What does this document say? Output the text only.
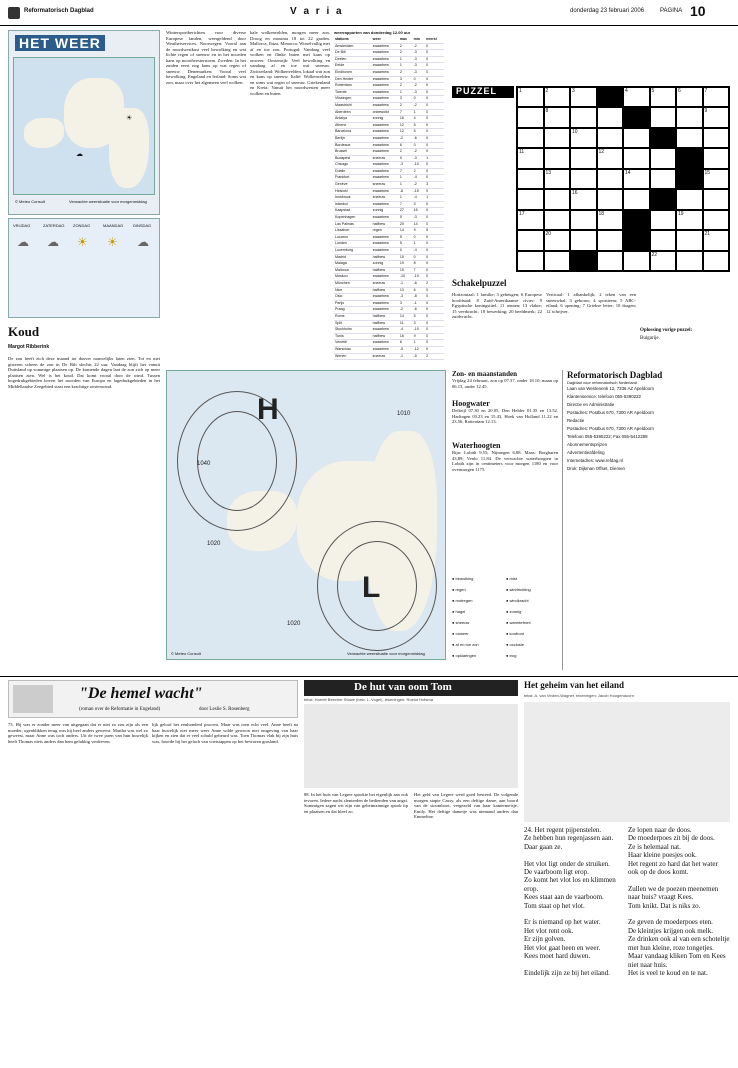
Reformatorisch Dagblad	V a r i a	donderdag 23 februari 2006	PAGINA 10
HET WEER
☀
☁
© Meteo Consult	Verwachte weersituatie voor morgenmiddag
VRIJDAG	ZATERDAG ZONDAG	MAANDAG DINSDAG
☁ ☁ ☀ ☀ ☁
Koud
Margot Ribberink
De zon heeft zich deze maand tot dusver nauwelijks laten zien. Tot en met gisteren scheen de zon in De Bilt slechts 22 uur. Vandaag blijft het vanuit Duitsland op sommige plaatsen op. De komende dagen laat de zon zich op meer plaatsen zien. Wel is het koud. Dat komt vooral door de wind. Tussen hogedrukgebieden boven het noorden van Europa en lagedrukgebieden in het Middellandse Zeegebied staat een krachtige oostenwind.
Wintersportberichten voor diverse Europese landen, weergeldend door Weatherservices. Noorwegen: Vooral aan de noordwestkust veel bewolking en wat lichte regen of sneeuw en in het noorden kans op noordwesterstorm. Zweden: In het zuiden eerst nog kans op wat regen of sneeuw. Denemarken: Vooral veel bewolking. Engeland en Ierland: Soms wat zon, maar over het algemeen veel wolken.
kale wolkenvelden, morgen meer zon. Droog en maxima 18 tot 22 graden. Mallorca, Ibiza, Menorca: Wisselvallig met af en toe zon. Portugal: Vandaag veel wolken en flinke buien met kans op onweer. Oostenrijk: Veel bewolking en vandaag af en toe wat sneeuw. Zwitserland: Wolkenvelden, lokaal wat zon en kans op sneeuw. Italië: Wolkenvelden en soms wat regen of sneeuw. Griekenland en Kreta: Vanuit het noordwesten meer wolken en buien.
weerrapporten van donderdag 12.00 uur
stations	weer	max	min	neersl
Amsterdam	zwaarbew	2	-2	0
De Bilt	zwaarbew	2	-3	0
Deelen	zwaarbew	1	-3	0
Eelde	zwaarbew	1	-3	0
Eindhoven	zwaarbew	2	-3	0
Den Helder	zwaarbew	3	0	0
Rotterdam	zwaarbew	2	-2	0
Twente	zwaarbew	1	-3	0
Vlissingen	zwaarbew	3	0	0
Maastricht	zwaarbew	2	-2	0
Aberdeen	onbewolkt	7	1	0
Antalya	zonnig	16	4	0
Athene	zwaarbew	12	5	0
Barcelona	zwaarbew	12	5	0
Berlijn	zwaarbew	-2	-6	0
Bordeaux	zwaarbew	6	0	0
Brussel	zwaarbew	2	-2	0
Budapest	sneeuw	0	-3	1
Chicago	zwaarbew	-3	-10	0
Dublin	zwaarbew	7	2	0
Frankfurt	zwaarbew	1	-4	0
Genève	sneeuw	1	-2	3
Helsinki	zwaarbew	-8	-15	0
Innsbruck	sneeuw	1	-4	1
Istanbul	zwaarbew	7	3	0
Kaapstad	zonnig	27	16	0
Kopenhagen	zwaarbew	0	-3	0
Las Palmas	halfbew	20	14	0
Lissabon	regen	14	9	5
Locarno	zwaarbew	5	0	0
Londen	zwaarbew	5	1	0
Luxemburg	zwaarbew	0	-4	0
Madrid	halfbew	10	0	0
Malaga	zonnig	19	8	0
Mallorca	halfbew	15	7	0
Moskou	zwaarbew	-10	-19	0
München	sneeuw	-1	-6	2
Nice	halfbew	13	6	0
Oslo	zwaarbew	-3	-8	0
Parijs	zwaarbew	3	-1	0
Praag	zwaarbew	-2	-6	0
Rome	halfbew	14	5	0
Split	halfbew	11	3	0
Stockholm	zwaarbew	-4	-10	0
Tunis	halfbew	16	9	0
Venetië	zwaarbew	6	1	0
Warschau	zwaarbew	-5	-12	0
Wenen	sneeuw	-1	-5	2

PUZZEL	1	2	3	4	5	6	7
8	9
10
11	12
13	14	15
16
17	18	19
20	21
22
Schakelpuzzel
Horizontaal: 1 familie; 3 geheugen; 6 Europese hoofdstad; 8 Zuid-Amerikaanse rivier; 9 Egyptische koningstitel; 11 rennen; 13 vlakte; 15 veerkracht; 18 bewerking; 20 beeldmerk; 22 zuidvrucht.
Verticaal: 1 afhankelijk; 2 teken van een sneeuwbal; 3 gebouw; 4 sportterm; 5 ABC-eiland; 6 opening; 7 Griekse letter; 10 dragen; 12 schrijver.
Oplossing vorige puzzel:
Bulgarije.
Zon- en maanstanden
Vrijdag 24 februari, zon op 07.37, onder 18.10; maan op 06.13, onder 12.45.
Hoogwater
Delfzijl 07.30 en 20.05, Den Helder 01.35 en 13.52, Harlingen 03.23 en 15.43, Hoek van Holland 11.22 en 23.56, Rotterdam 12.13.
Waterhoogten
Rijn: Lobith 9,55; Nijmegen 6,88. Maas: Borgharen 43,89; Venlo 11,84. De verwachte waterhoogten in Lobith zijn in centimeters voor morgen 1180 en voor overmorgen 1175.
● bewolking
● regen
● motregen
● hagel
● sneeuw
● onweer
● af en toe zon
● opklaringen
● mist
● windrichting
● windkracht
● zonnig
● warmtefront
● koufront
● occlusie
● trog
Reformatorisch Dagblad
Dagblad voor reformatorisch Nederland
Laan van Westenenk 12, 7336 AZ Apeldoorn
Klantenservice: telefoon 055-5390222
Directie en Administratie
Postadres: Postbus 670, 7300 AR Apeldoorn
Redactie
Postadres: Postbus 670, 7300 AR Apeldoorn
Telefoon 055-5390222; Fax 055-5412288
Abonnementsprijzen
Advertentieafdeling
Internetadres: www.refdag.nl
Druk: Dijkman Offset, Diemen
H
L
1040
1020
1010
1020
© Meteo Consult	Verwachte weersituatie voor morgenmiddag
"De hemel wacht"
(roman over de Reformatie in Engeland)	door Leslie S. Rosenberg
73. Hij was er zonder meer van uitgegaan dat er niet zo zou zijn als een moeder, ogenblikken terug was hij heel anders geweest. Martha was wel zo geweest, maar Anne was toch anders. Uit de twee jaren van hun huwelijk heeft Thomas niets anders dan hem gelukkig verdreven.
lijk geloof het eenhonderd procent. Maar was toen echt veel. Anne heeft na haar huwelijk niet meer weer Anne wilde gewoon niet omgeving van haar kijken en zien dat er veel schuld gebeurd was. Toen Thomas vlak bij zijn huis was, hoorde hij het gelach van voetstappen op het bevroren grasland.
De hut van oom Tom
tekst: Harriet Beecher Stowe (bew. L. Vogel), tekeningen: Roelof Hofsma
88. In het huis van Legree spookte het eigenlijk aan ook tevoren. Iedere nacht slenterden de bedienden van angst. Sommigen zagen wit zijn van geheimzinnige spook tip en plaatsen en dat bleef zo.
Het geld van Legree werd goed besteed. De volgende morgen stapte Cassy, als een deftige dame, aan boord van de stoomboot, vergezeld van haar kamermeisje, Emily. Het deftige dametje was niemand anders dan Emmeline.
Het geheim van het eiland
tekst: A. van Velzen-Wagner, tekeningen: Jacob Hoogendoorn
24. Het regent pijpenstelen.
Ze hebben hun regenjassen aan.
Daar gaan ze.

Het vlot ligt onder de struiken.
De vaarboom ligt erop.
Zo komt het vlot los en klimmen erop.
Kees staat aan de vaarboom.
Tom staat op het vlot.

Er is niemand op het water.
Het vlot rent ook.
Er zijn golven.
Het vlot gaat heen en weer.
Kees moet hard duwen.

Eindelijk zijn ze bij het eiland.
Ze lopen naar de doos.
De moederpoes zit bij de doos.
Ze is helemaal nat.
Haar kleine poesjes ook.
Het regent zo hard dat het water ook op de doos komt.

Zullen we de poezen meenemen naar huis? vraagt Kees.
Tom knikt. Dat is niks zo.

Ze geven de moederpoes eten.
De kleintjes krijgen ook melk.
Ze drinken ook al van een schoteltje met hun kleine, roze tongetjes.
Maar vandaag kliken Tom en Kees niet naar huis.
Het is veel te koud en te nat.
